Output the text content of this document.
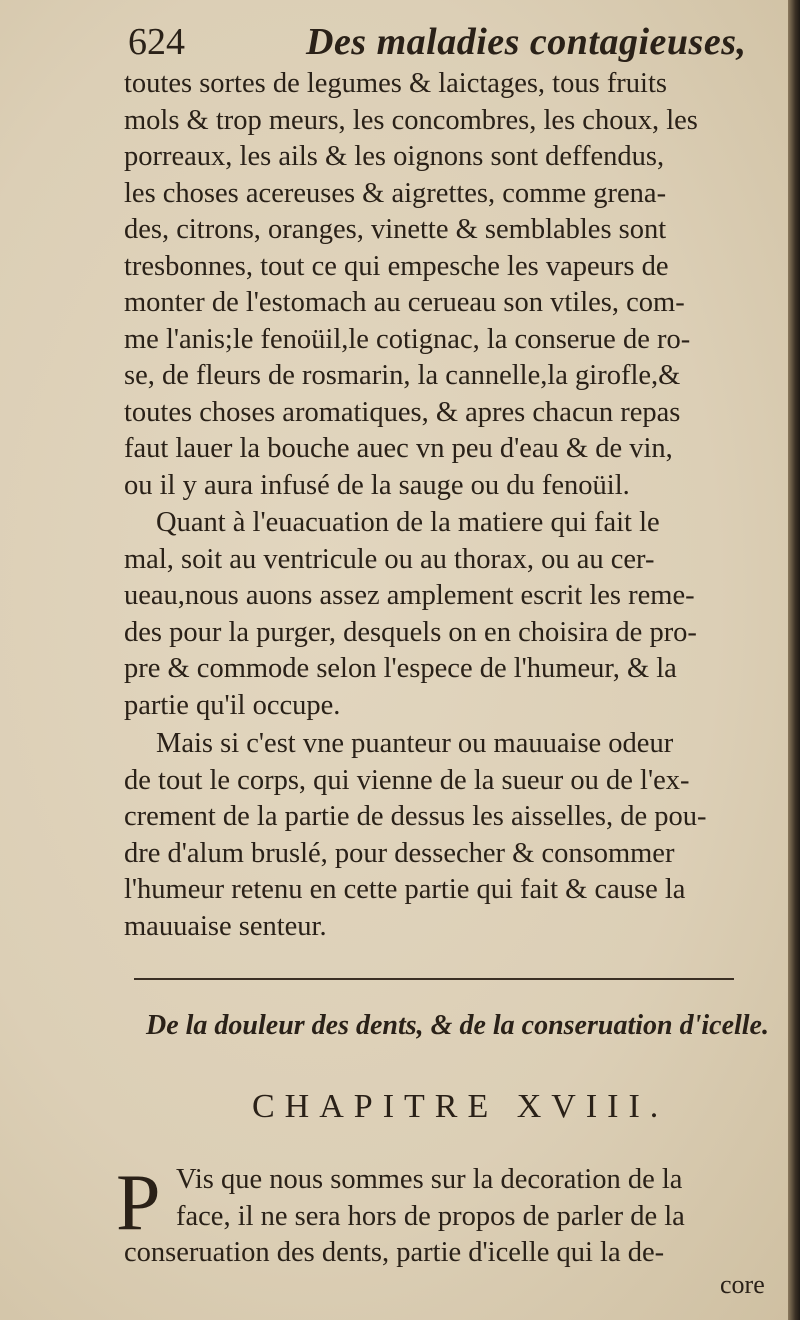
624	Des maladies contagieuses,
toutes sortes de legumes & laictages, tous fruits
mols & trop meurs, les concombres, les choux, les
porreaux, les ails & les oignons sont deffendus,
les choses acereuses & aigrettes, comme grena-
des, citrons, oranges, vinette & semblables sont
tresbonnes, tout ce qui empesche les vapeurs de
monter de l'estomach au cerueau son vtiles, com-
me l'anis;le fenoüil,le cotignac, la conserue de ro-
se, de fleurs de rosmarin, la cannelle,la girofle,&
toutes choses aromatiques, & apres chacun repas
faut lauer la bouche auec vn peu d'eau & de vin,
ou il y aura infusé de la sauge ou du fenoüil.
Quant à l'euacuation de la matiere qui fait le
mal, soit au ventricule ou au thorax, ou au cer-
ueau,nous auons assez amplement escrit les reme-
des pour la purger, desquels on en choisira de pro-
pre & commode selon l'espece de l'humeur, & la
partie qu'il occupe.
Mais si c'est vne puanteur ou mauuaise odeur
de tout le corps, qui vienne de la sueur ou de l'ex-
crement de la partie de dessus les aisselles, de pou-
dre d'alum bruslé, pour dessecher & consommer
l'humeur retenu en cette partie qui fait & cause la
mauuaise senteur.
De la douleur des dents, & de la conseruation d'icelle.
CHAPITRE XVIII.
P Vis que nous sommes sur la decoration de la
face, il ne sera hors de propos de parler de la
conseruation des dents, partie d'icelle qui la de-
core
